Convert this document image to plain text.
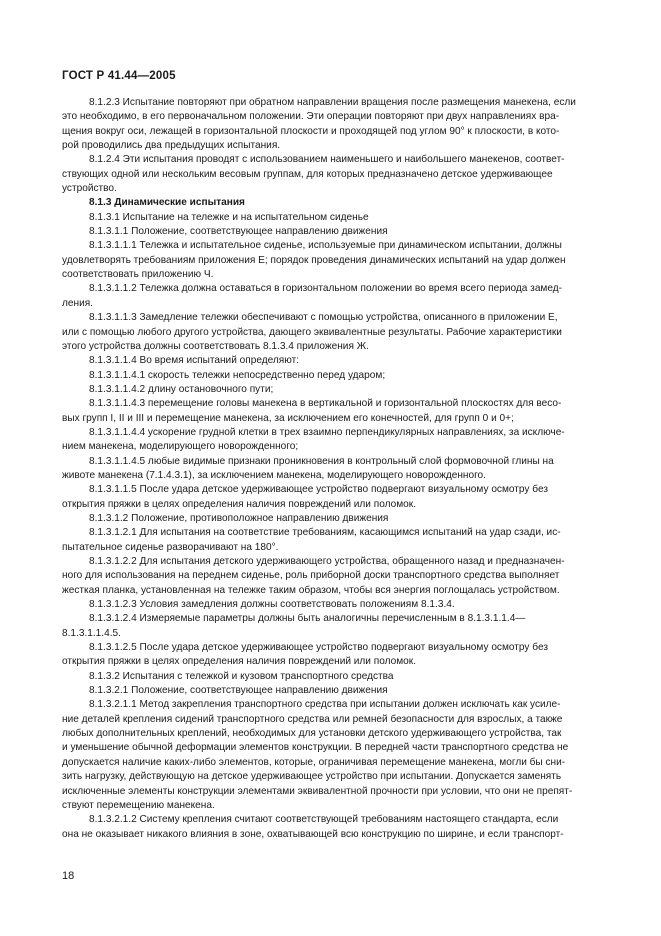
ГОСТ Р 41.44—2005

8.1.2.3 Испытание повторяют при обратном направлении вращения после размещения манекена, если
это необходимо, в его первоначальном положении. Эти операции повторяют при двух направлениях вра-
щения вокруг оси, лежащей в горизонтальной плоскости и проходящей под углом 90° к плоскости, в кото-
рой проводились два предыдущих испытания.

8.1.2.4 Эти испытания проводят с использованием наименьшего и наибольшего манекенов, соответ-
ствующих одной или нескольким весовым группам, для которых предназначено детское удерживающее
устройство.

8.1.3 Динамические испытания

8.1.3.1 Испытание на тележке и на испытательном сиденье

8.1.3.1.1 Положение, соответствующее направлению движения

8.1.3.1.1.1 Тележка и испытательное сиденье, используемые при динамическом испытании, должны
удовлетворять требованиям приложения Е; порядок проведения динамических испытаний на удар должен
соответствовать приложению Ч.

8.1.3.1.1.2 Тележка должна оставаться в горизонтальном положении во время всего периода замед-
ления.

8.1.3.1.1.3 Замедление тележки обеспечивают с помощью устройства, описанного в приложении Е,
или с помощью любого другого устройства, дающего эквивалентные результаты. Рабочие характеристики
этого устройства должны соответствовать 8.1.3.4 приложения Ж.

8.1.3.1.1.4 Во время испытаний определяют:

8.1.3.1.1.4.1 скорость тележки непосредственно перед ударом;

8.1.3.1.1.4.2 длину остановочного пути;

8.1.3.1.1.4.3 перемещение головы манекена в вертикальной и горизонтальной плоскостях для весо-
вых групп I, II и III и перемещение манекена, за исключением его конечностей, для групп 0 и 0+;

8.1.3.1.1.4.4 ускорение грудной клетки в трех взаимно перпендикулярных направлениях, за исключе-
нием манекена, моделирующего новорожденного;

8.1.3.1.1.4.5 любые видимые признаки проникновения в контрольный слой формовочной глины на
животе манекена (7.1.4.3.1), за исключением манекена, моделирующего новорожденного.

8.1.3.1.1.5 После удара детское удерживающее устройство подвергают визуальному осмотру без
открытия пряжки в целях определения наличия повреждений или поломок.

8.1.3.1.2 Положение, противоположное направлению движения

8.1.3.1.2.1 Для испытания на соответствие требованиям, касающимся испытаний на удар сзади, ис-
пытательное сиденье разворачивают на 180°.

8.1.3.1.2.2 Для испытания детского удерживающего устройства, обращенного назад и предназначен-
ного для использования на переднем сиденье, роль приборной доски транспортного средства выполняет
жесткая планка, установленная на тележке таким образом, чтобы вся энергия поглощалась устройством.

8.1.3.1.2.3 Условия замедления должны соответствовать положениям 8.1.3.4.

8.1.3.1.2.4 Измеряемые параметры должны быть аналогичны перечисленным в 8.1.3.1.1.4—
8.1.3.1.1.4.5.

8.1.3.1.2.5 После удара детское удерживающее устройство подвергают визуальному осмотру без
открытия пряжки в целях определения наличия повреждений или поломок.

8.1.3.2 Испытания с тележкой и кузовом транспортного средства

8.1.3.2.1 Положение, соответствующее направлению движения

8.1.3.2.1.1 Метод закрепления транспортного средства при испытании должен исключать как усиле-
ние деталей крепления сидений транспортного средства или ремней безопасности для взрослых, а также
любых дополнительных креплений, необходимых для установки детского удерживающего устройства, так
и уменьшение обычной деформации элементов конструкции. В передней части транспортного средства не
допускается наличие каких-либо элементов, которые, ограничивая перемещение манекена, могли бы сни-
зить нагрузку, действующую на детское удерживающее устройство при испытании. Допускается заменять
исключенные элементы конструкции элементами эквивалентной прочности при условии, что они не препят-
ствуют перемещению манекена.

8.1.3.2.1.2 Систему крепления считают соответствующей требованиям настоящего стандарта, если
она не оказывает никакого влияния в зоне, охватывающей всю конструкцию по ширине, и если транспорт-

18
